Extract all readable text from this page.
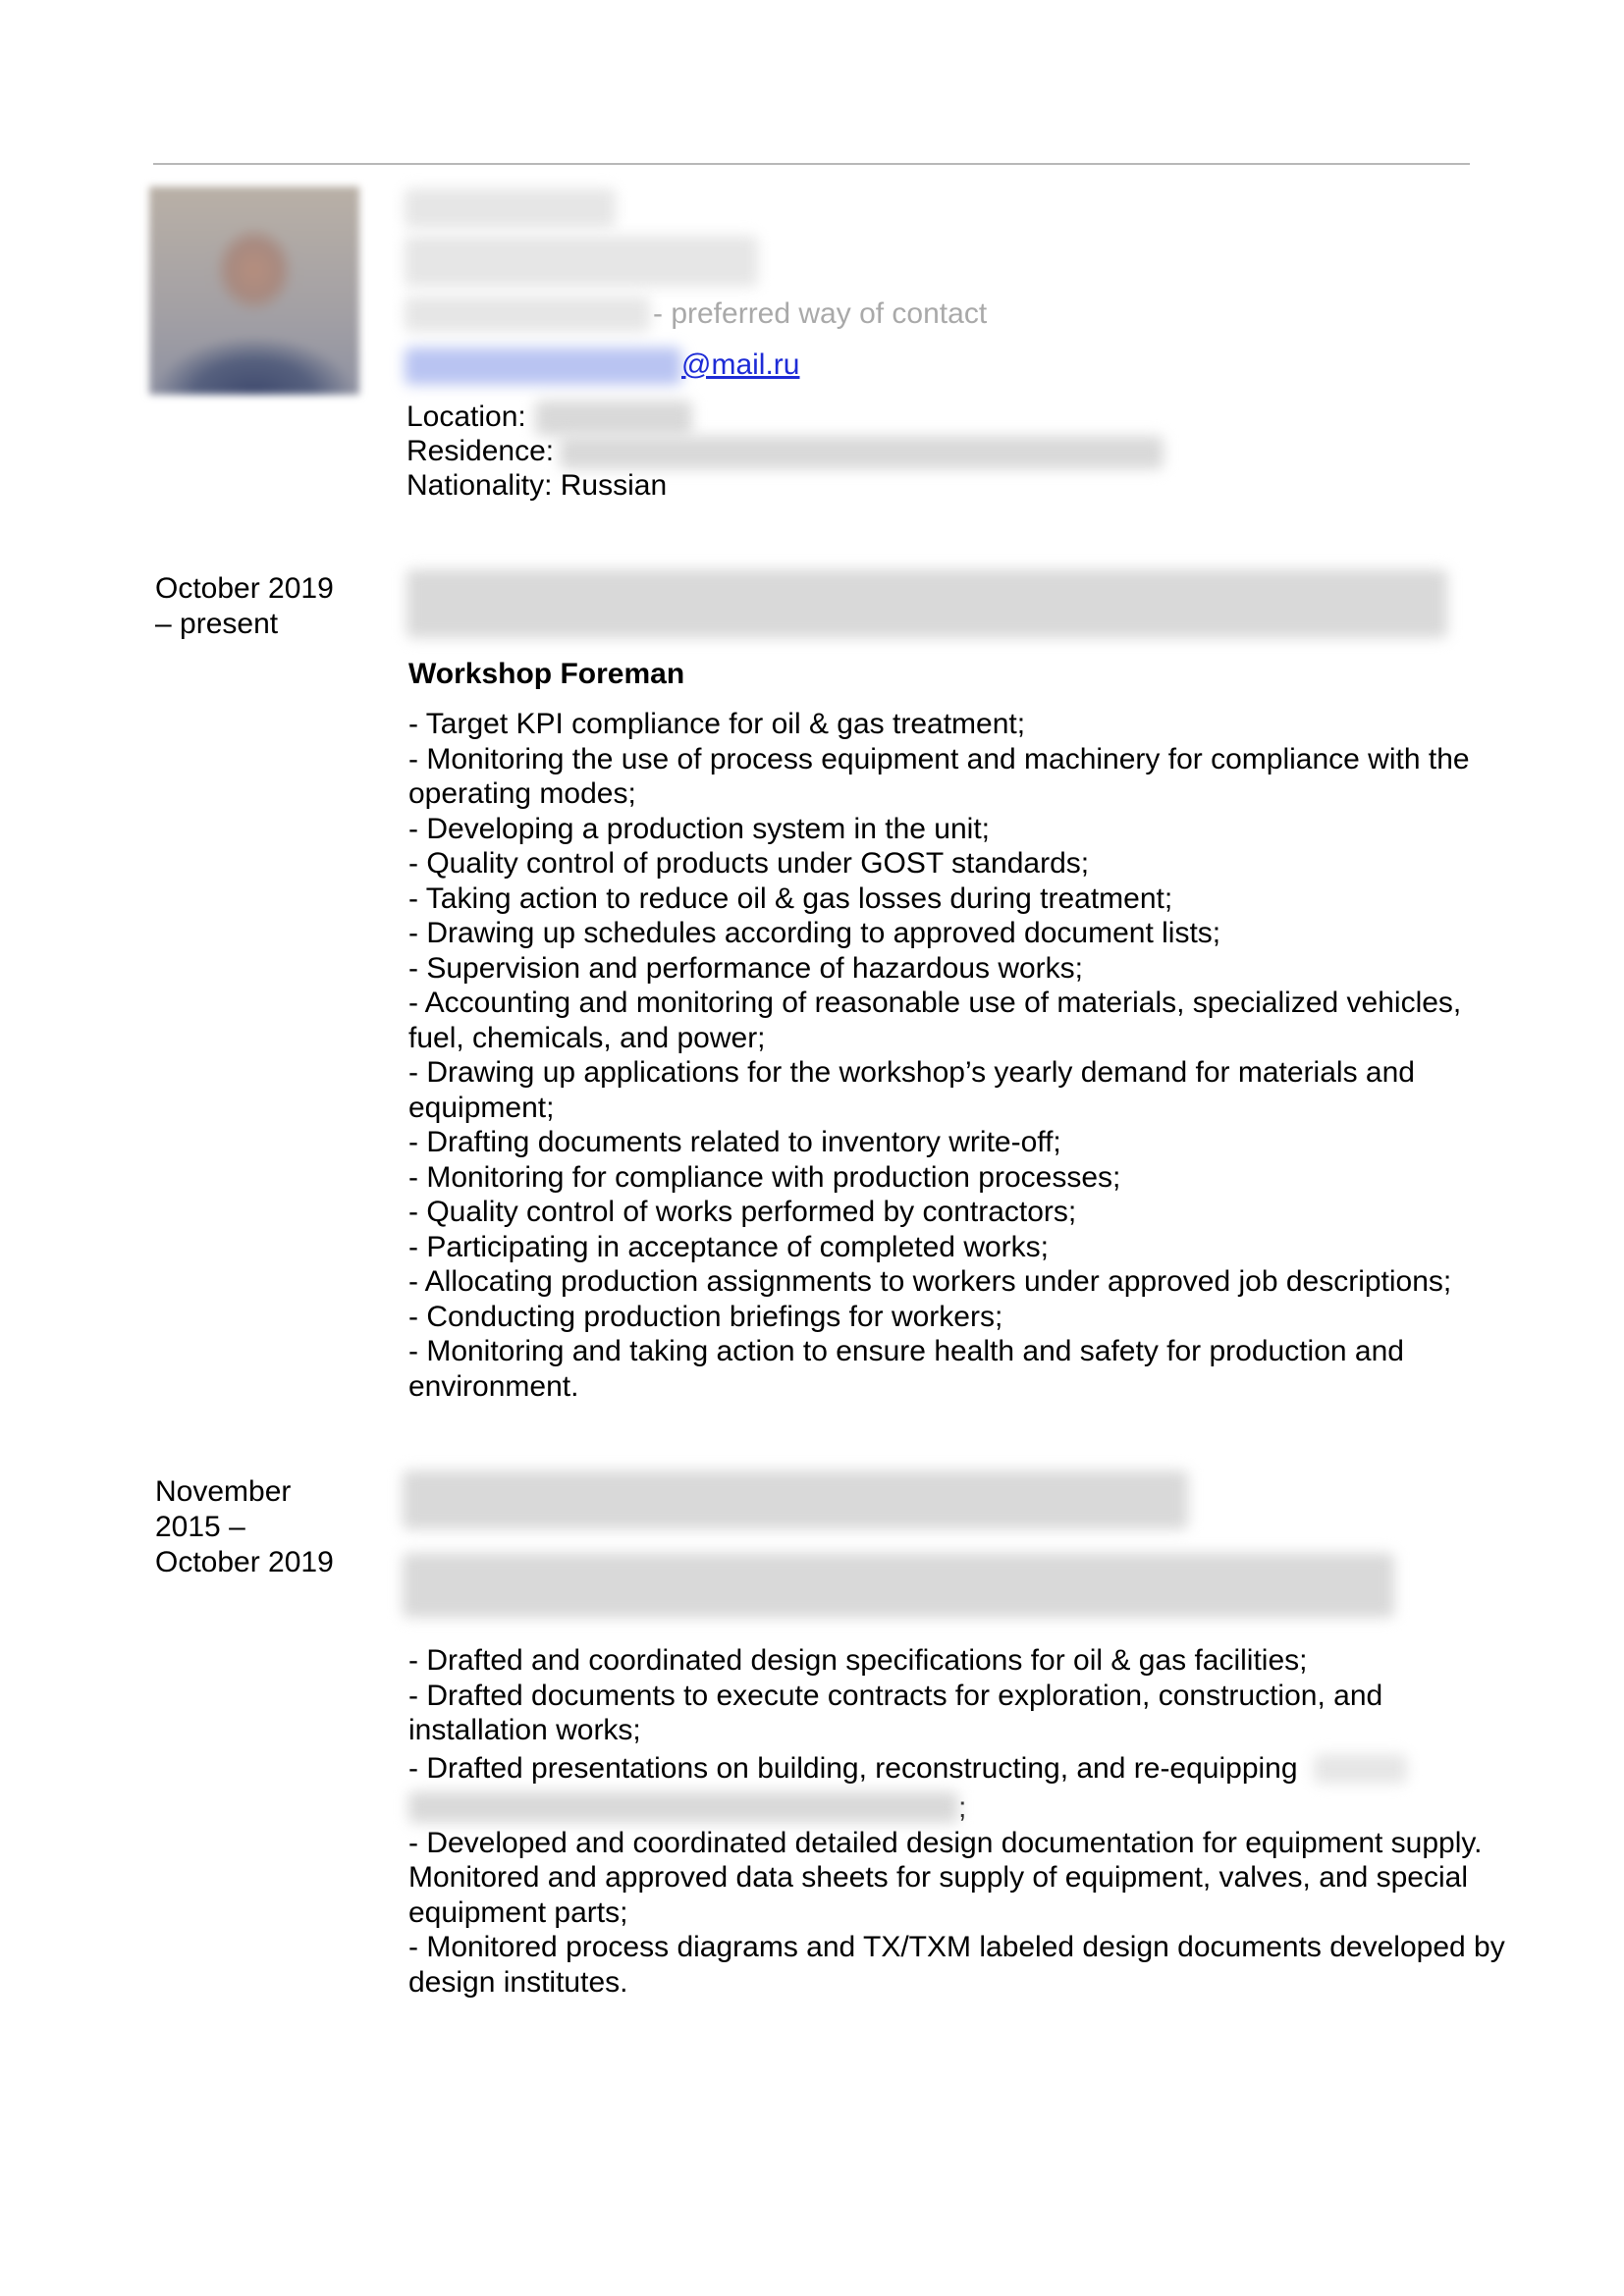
- preferred way of contact
@mail.ru
Location:
Residence:
Nationality: Russian
October 2019
– present
Workshop Foreman
- Target KPI compliance for oil & gas treatment;
- Monitoring the use of process equipment and machinery for compliance with the operating modes;
- Developing a production system in the unit;
- Quality control of products under GOST standards;
- Taking action to reduce oil & gas losses during treatment;
- Drawing up schedules according to approved document lists;
- Supervision and performance of hazardous works;
- Accounting and monitoring of reasonable use of materials, specialized vehicles, fuel, chemicals, and power;
- Drawing up applications for the workshop’s yearly demand for materials and equipment;
- Drafting documents related to inventory write-off;
- Monitoring for compliance with production processes;
- Quality control of works performed by contractors;
- Participating in acceptance of completed works;
- Allocating production assignments to workers under approved job descriptions;
- Conducting production briefings for workers;
- Monitoring and taking action to ensure health and safety for production and environment.
November
2015 –
October 2019
- Drafted and coordinated design specifications for oil & gas facilities;
- Drafted documents to execute contracts for exploration, construction, and installation works;
- Drafted presentations on building, reconstructing, and re-equipping
;
- Developed and coordinated detailed design documentation for equipment supply. Monitored and approved data sheets for supply of equipment, valves, and special equipment parts;
- Monitored process diagrams and TX/TXM labeled design documents developed by design institutes.
